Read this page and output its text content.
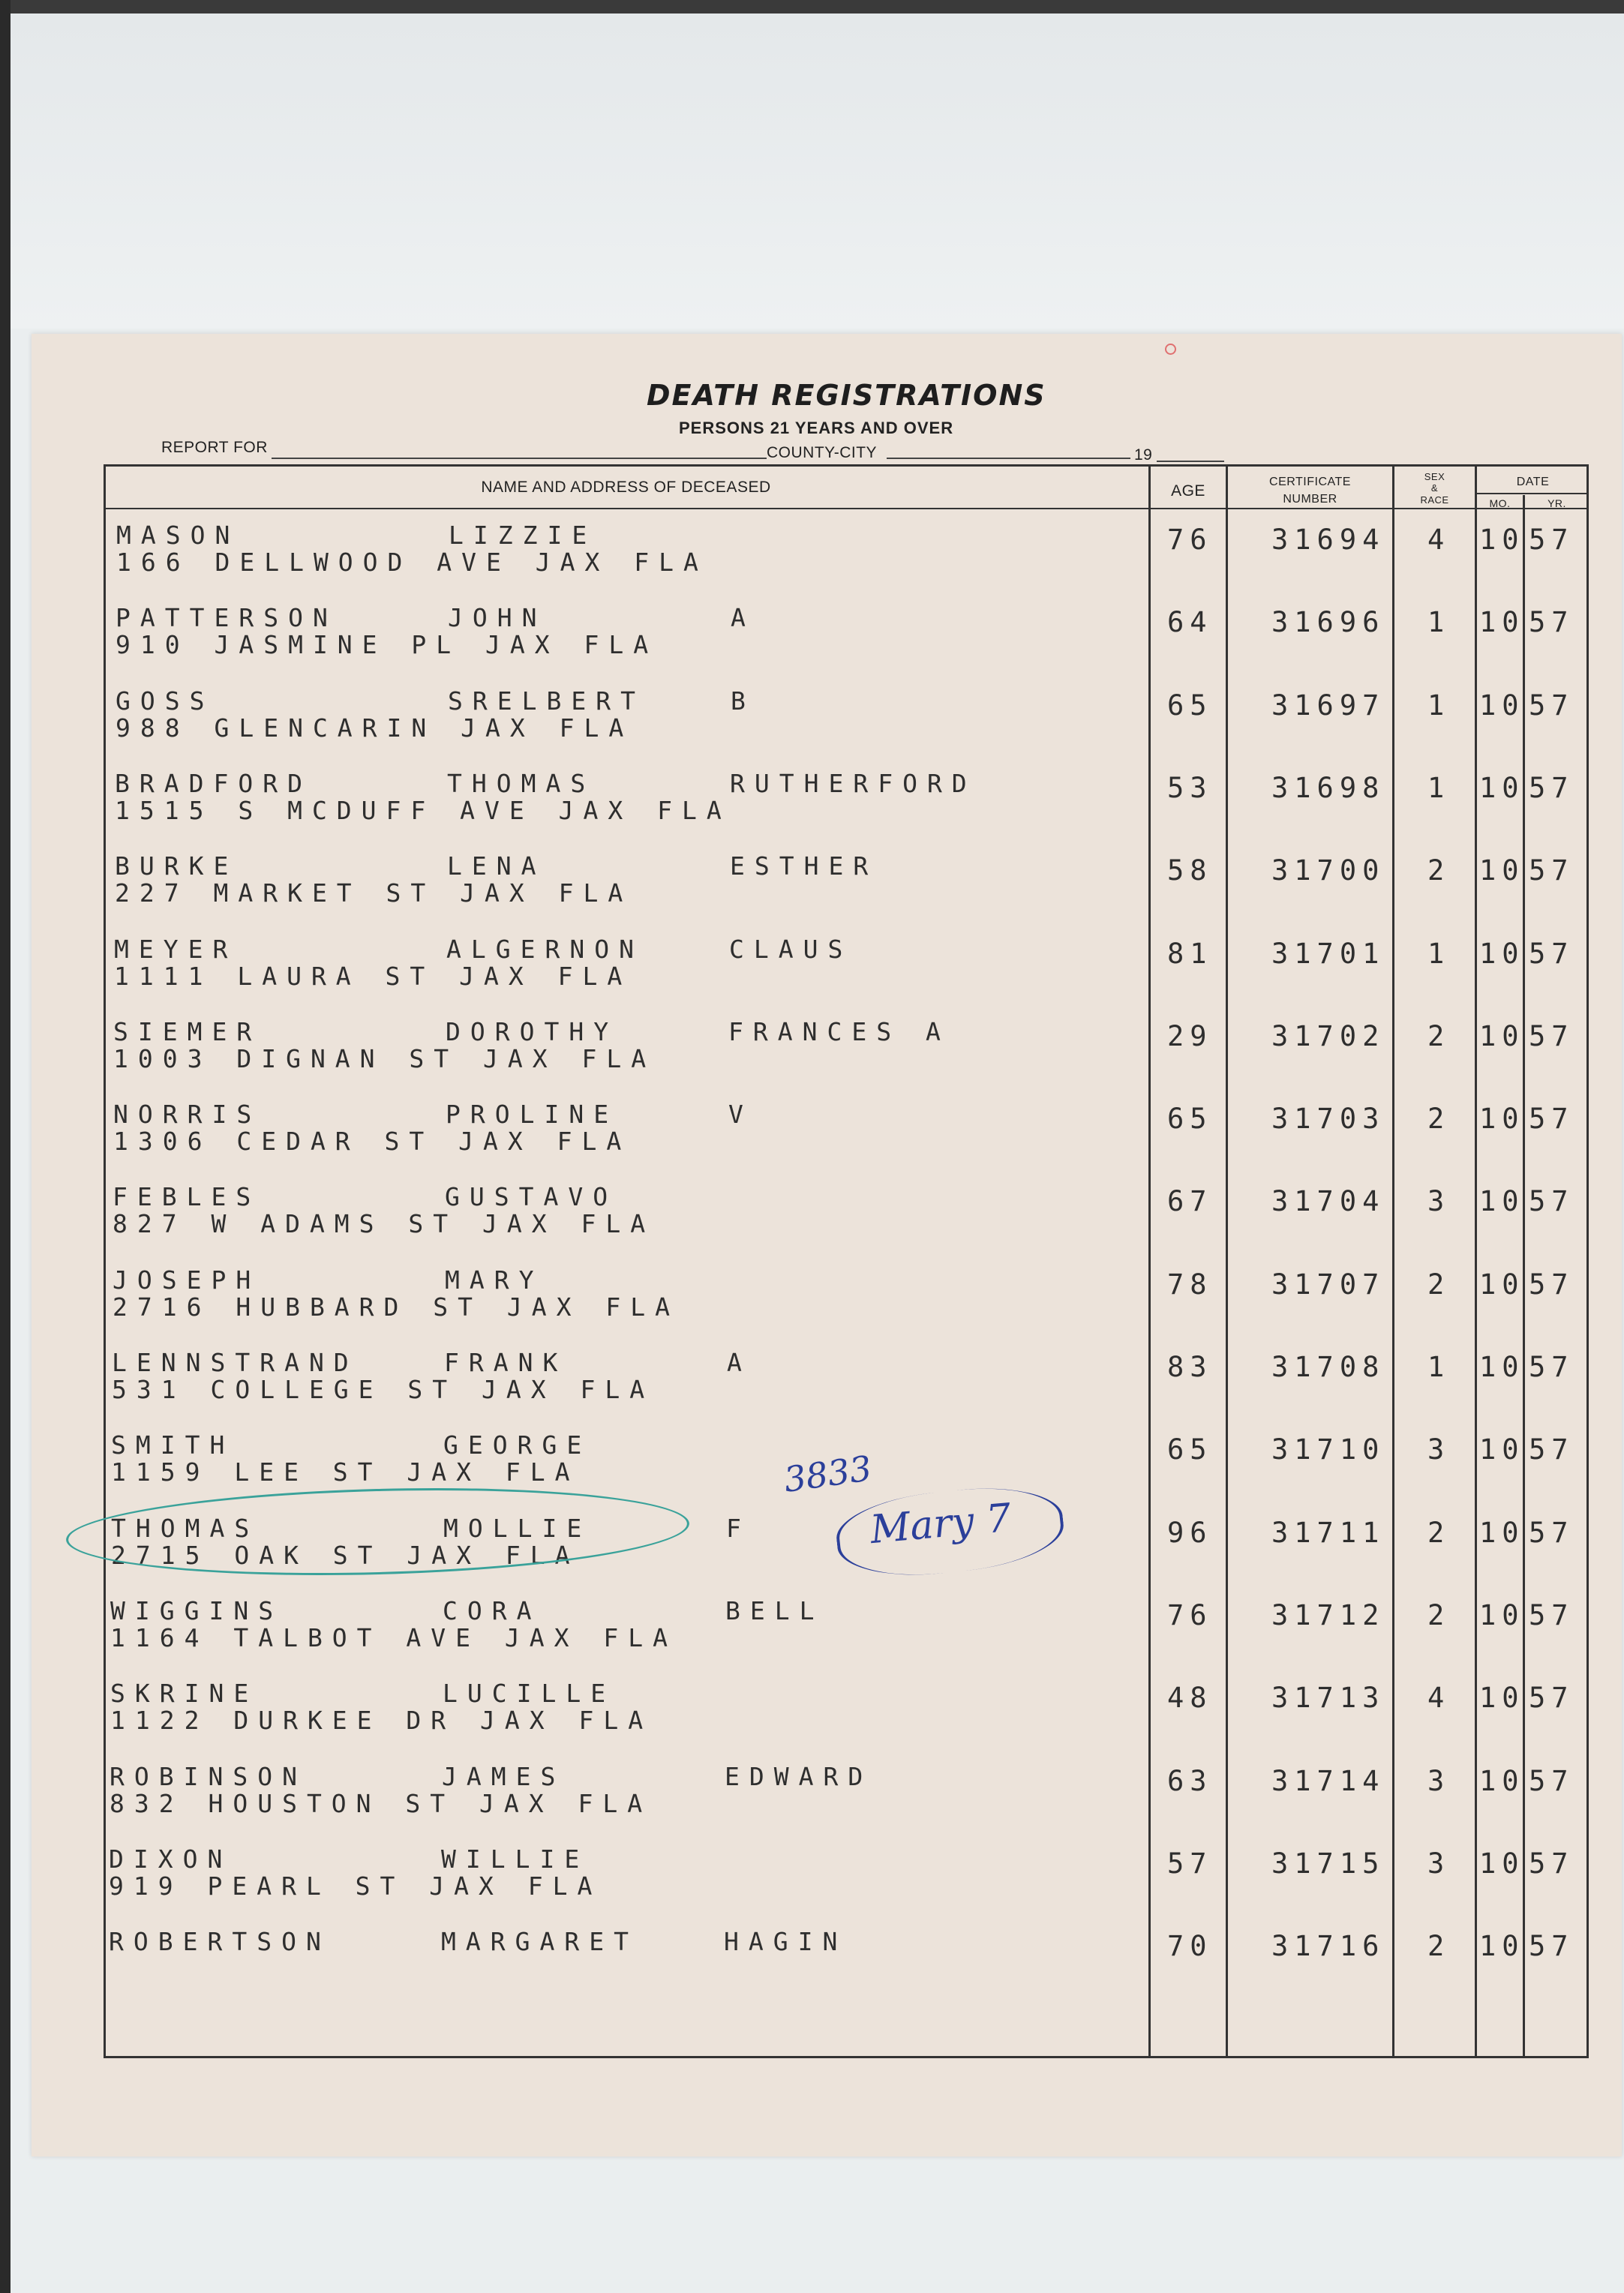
DEATH REGISTRATIONS
PERSONS 21 YEARS AND OVER
REPORT FOR	COUNTY-CITY	19
NAME AND ADDRESS OF DECEASED	AGE
CERTIFICATE
NUMBER
SEX
&
RACE
DATE
MO.	YR.
MASON	LIZZIE
166 DELLWOOD AVE JAX FLA
76 31694 4 10 57
PATTERSON	JOHN	A
910 JASMINE PL JAX FLA
64 31696 1 10 57
GOSS	SRELBERT	B
988 GLENCARIN JAX FLA
65 31697 1 10 57
BRADFORD	THOMAS	RUTHERFORD
1515 S MCDUFF AVE JAX FLA
53 31698 1 10 57
BURKE	LENA	ESTHER
227 MARKET ST JAX FLA
58 31700 2 10 57
MEYER	ALGERNON	CLAUS
1111 LAURA ST JAX FLA
81 31701 1 10 57
SIEMER	DOROTHY	FRANCES A
1003 DIGNAN ST JAX FLA
29 31702 2 10 57
NORRIS	PROLINE	V
1306 CEDAR ST JAX FLA
65 31703 2 10 57
FEBLES	GUSTAVO
827 W ADAMS ST JAX FLA
67 31704 3 10 57
JOSEPH	MARY
2716 HUBBARD ST JAX FLA
78 31707 2 10 57
LENNSTRAND	FRANK	A
531 COLLEGE ST JAX FLA
83 31708 1 10 57
SMITH	GEORGE
1159 LEE ST JAX FLA
65 31710 3 10 57
THOMAS	MOLLIE	F
2715 OAK ST JAX FLA
96 31711 2 10 57
WIGGINS	CORA	BELL
1164 TALBOT AVE JAX FLA
76 31712 2 10 57
SKRINE	LUCILLE
1122 DURKEE DR JAX FLA
48 31713 4 10 57
ROBINSON	JAMES	EDWARD
832 HOUSTON ST JAX FLA
63 31714 3 10 57
DIXON	WILLIE
919 PEARL ST JAX FLA
57 31715 3 10 57
ROBERTSON	MARGARET	HAGIN	70 31716 2 10 57
3833
Mary 7
